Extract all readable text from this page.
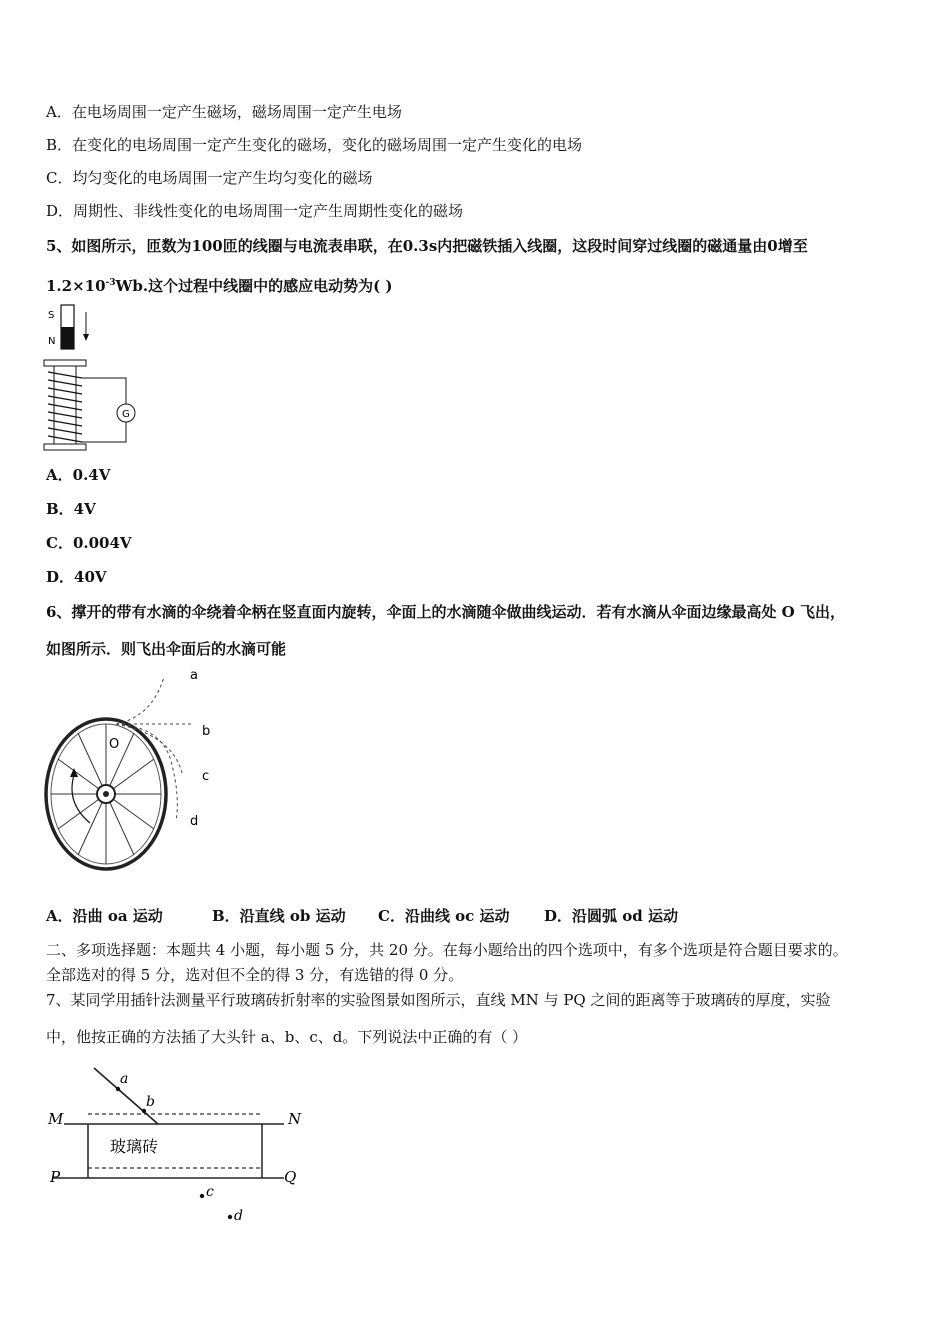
A．在电场周围一定产生磁场，磁场周围一定产生电场
B．在变化的电场周围一定产生变化的磁场，变化的磁场周围一定产生变化的电场
C．均匀变化的电场周围一定产生均匀变化的磁场
D．周期性、非线性变化的电场周围一定产生周期性变化的磁场
5、如图所示，匝数为100匝的线圈与电流表串联，在0.3s内把磁铁插入线圈，这段时间穿过线圈的磁通量由0增至
$1.2\times 10^{-3}Wb$.这个过程中线圈中的感应电动势为( )
S
N
G
A．0.4V
B．4V
C．0.004V
D．40V
6、撑开的带有水滴的伞绕着伞柄在竖直面内旋转，伞面上的水滴随伞做曲线运动．若有水滴从伞面边缘最高处 O 飞出，
如图所示．则飞出伞面后的水滴可能
O
a
b
c
d
A．沿曲 oa 运动	B．沿直线 ob 运动 C．沿曲线 oc 运动 D．沿圆弧 od 运动
二、多项选择题：本题共 4 小题，每小题 5 分，共 20 分。在每小题给出的四个选项中，有多个选项是符合题目要求的。
全部选对的得 5 分，选对但不全的得 3 分，有选错的得 0 分。
7、某同学用插针法测量平行玻璃砖折射率的实验图景如图所示，直线 MN 与 PQ 之间的距离等于玻璃砖的厚度，实验
中，他按正确的方法插了大头针 a、b、c、d。下列说法中正确的有（ ）
a
b
c
d
M	N
P	Q
玻璃砖
